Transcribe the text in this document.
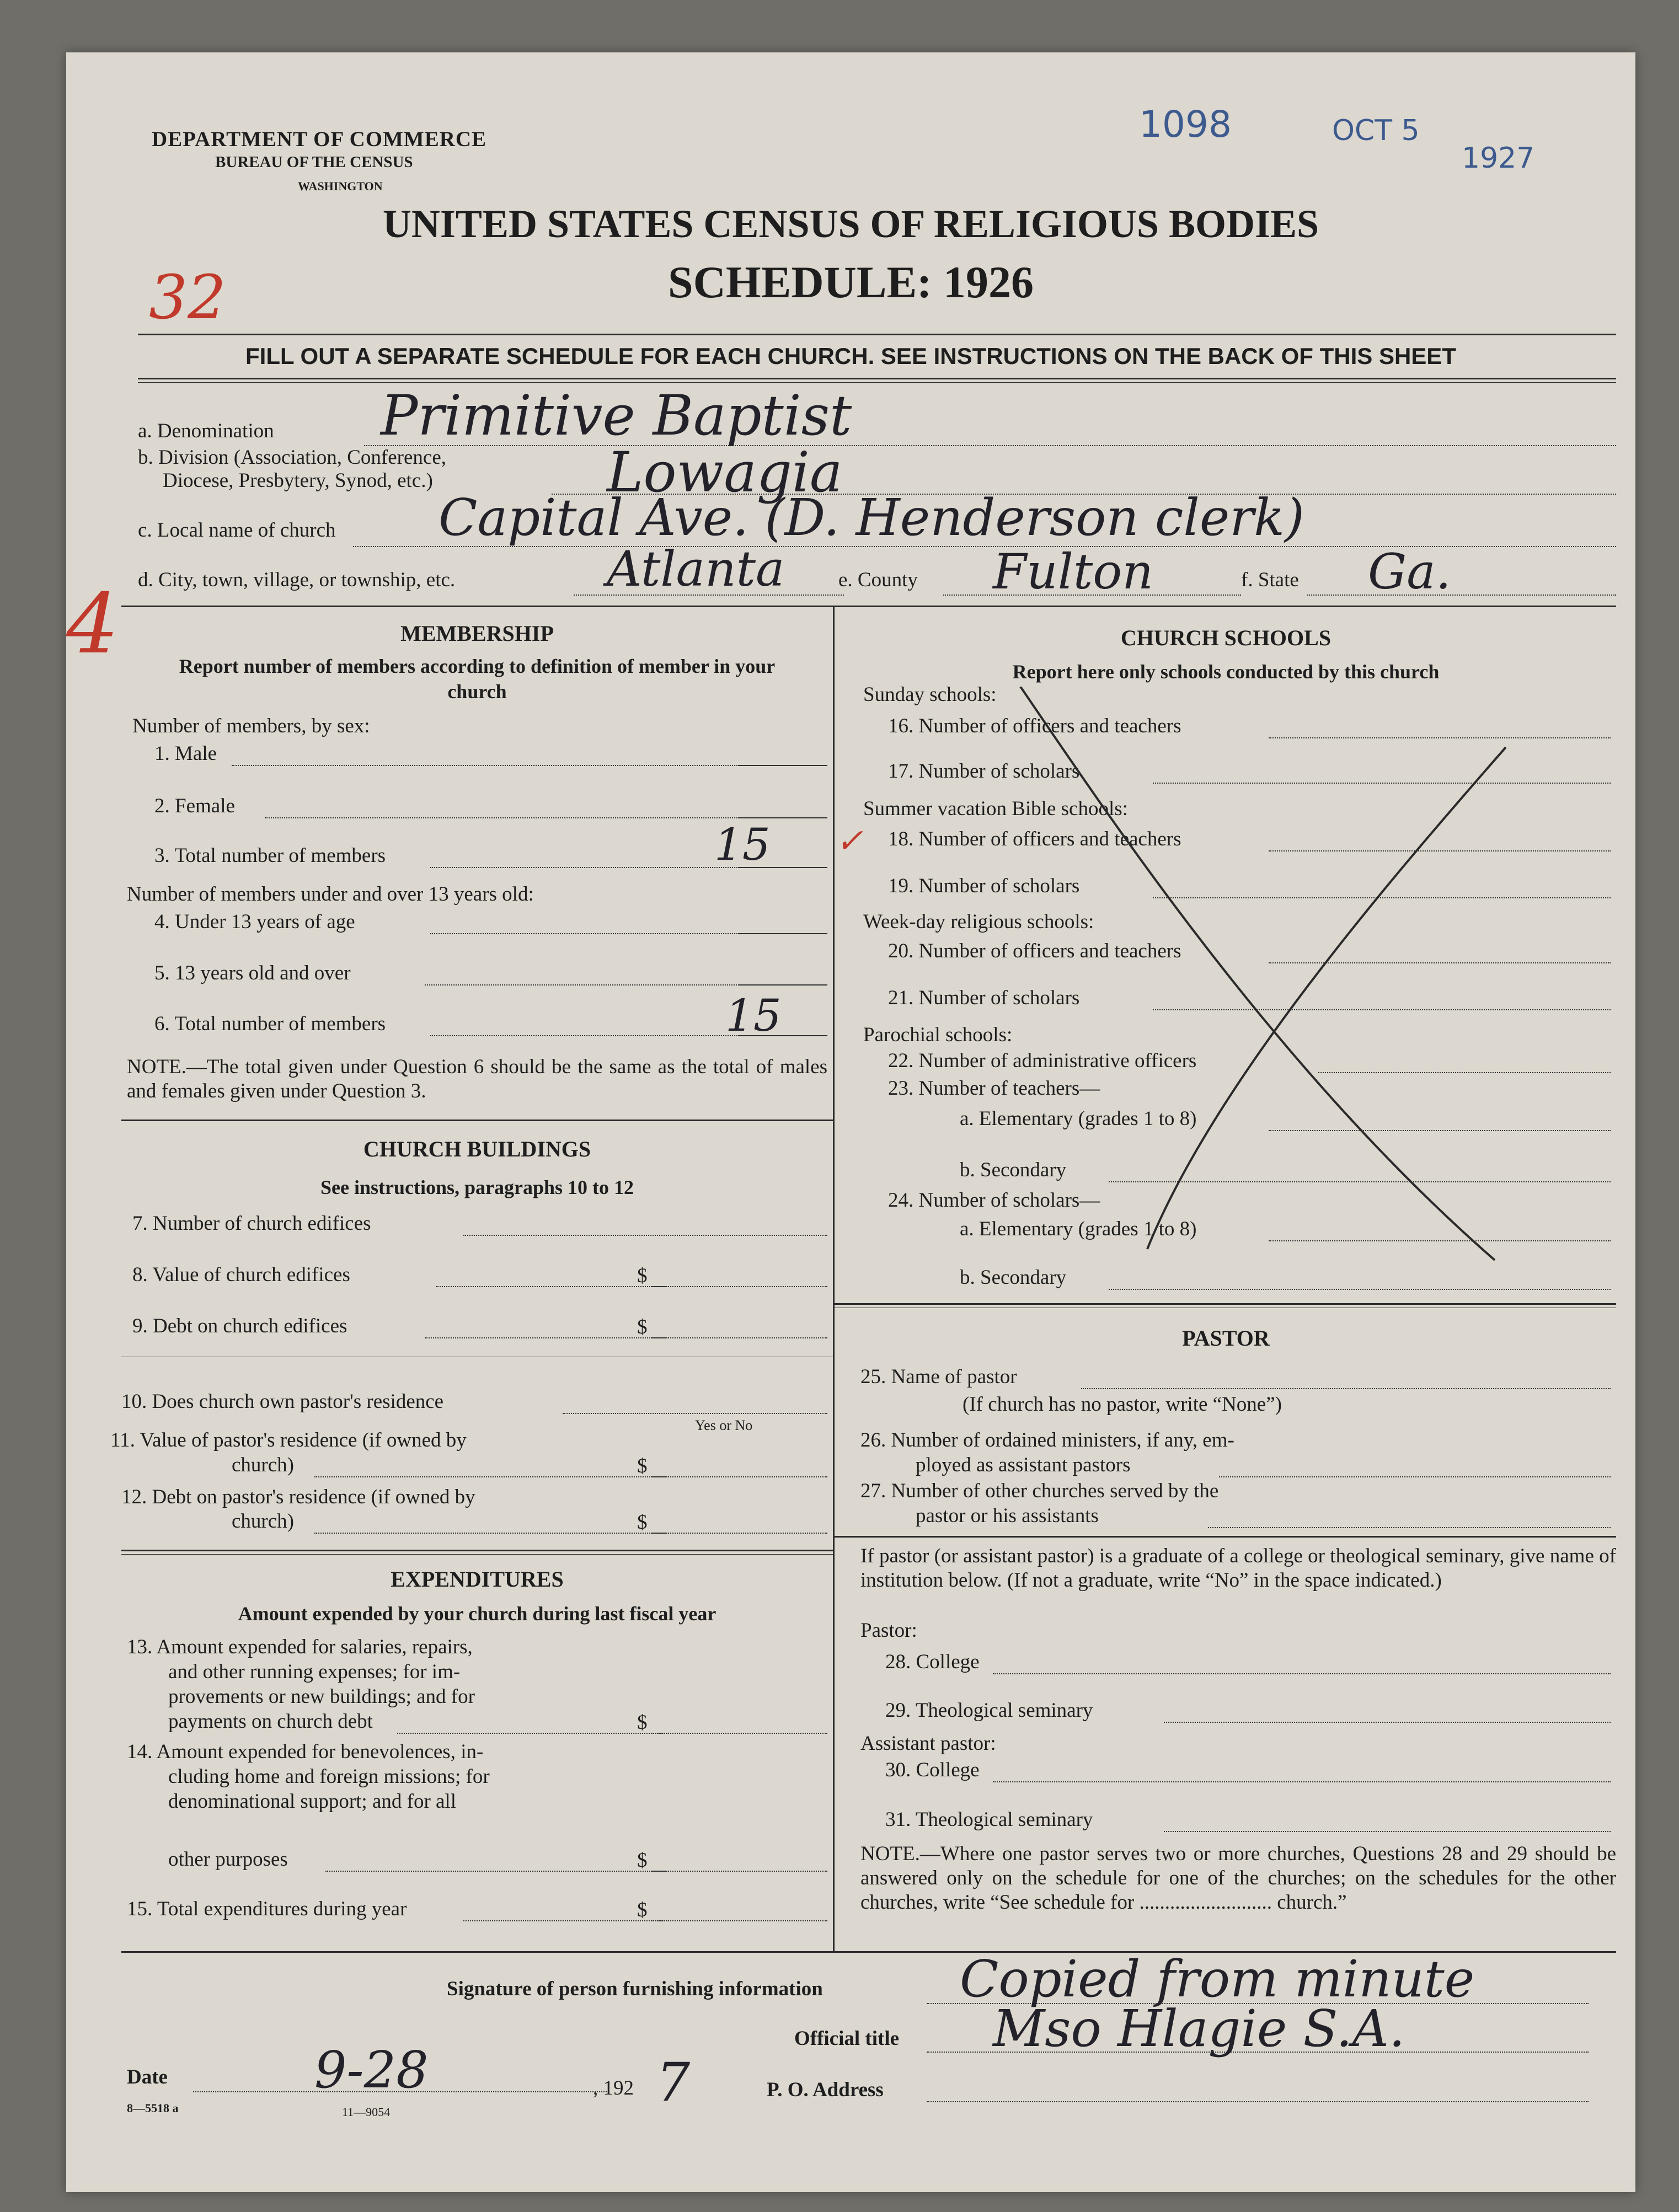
1098	OCT 5
1927
DEPARTMENT OF COMMERCE
BUREAU OF THE CENSUS
WASHINGTON
UNITED STATES CENSUS OF RELIGIOUS BODIES
SCHEDULE: 1926
32
FILL OUT A SEPARATE SCHEDULE FOR EACH CHURCH. SEE INSTRUCTIONS ON THE BACK OF THIS SHEET
a. Denomination Primitive Baptist
b. Division (Association, Conference,
Diocese, Presbytery, Synod, etc.)	Lowagia
c. Local name of church Capital Ave. (D. Henderson clerk)
4 d. City, town, village, or township, etc.	Atlanta	e. County Fulton	f. State Ga.
MEMBERSHIP
Report number of members according to definition of member in your church
Number of members, by sex:
1. Male
2. Female
3. Total number of members	15 ✓
Number of members under and over 13 years old:
4. Under 13 years of age
5. 13 years old and over
6. Total number of members	15
NOTE.—The total given under Question 6 should be the same as the total of males and females given under Question 3.
CHURCH BUILDINGS
See instructions, paragraphs 10 to 12
7. Number of church edifices
8. Value of church edifices	$
9. Debt on church edifices	$
10. Does church own pastor's residence
Yes or No
11. Value of pastor's residence (if owned by
church)	$
12. Debt on pastor's residence (if owned by
church)	$
EXPENDITURES
Amount expended by your church during last fiscal year
13. Amount expended for salaries, repairs,
and other running expenses; for im-
provements or new buildings; and for
payments on church debt	$
14. Amount expended for benevolences, in-
cluding home and foreign missions; for
denominational support; and for all
other purposes	$
15. Total expenditures during year	$
CHURCH SCHOOLS
Report here only schools conducted by this church
Sunday schools:
16. Number of officers and teachers
17. Number of scholars
Summer vacation Bible schools:
18. Number of officers and teachers
19. Number of scholars
Week-day religious schools:
20. Number of officers and teachers
21. Number of scholars
Parochial schools:
22. Number of administrative officers
23. Number of teachers—
a. Elementary (grades 1 to 8)
b. Secondary
24. Number of scholars—
a. Elementary (grades 1 to 8)
b. Secondary
PASTOR
25. Name of pastor
(If church has no pastor, write “None”)
26. Number of ordained ministers, if any, em-
ployed as assistant pastors
27. Number of other churches served by the
pastor or his assistants
If pastor (or assistant pastor) is a graduate of a college or theological seminary, give name of institution below. (If not a graduate, write “No” in the space indicated.)
Pastor:
28. College
29. Theological seminary
Assistant pastor:
30. College
31. Theological seminary
NOTE.—Where one pastor serves two or more churches, Questions 28 and 29 should be answered only on the schedule for one of the churches; on the schedules for the other churches, write “See schedule for .......................... church.”
Signature of person furnishing information	Copied from minute
Official title Mso Hlagie S.A.
Date	9-28	, 192 7	P. O. Address
8—5518 a	11—9054
